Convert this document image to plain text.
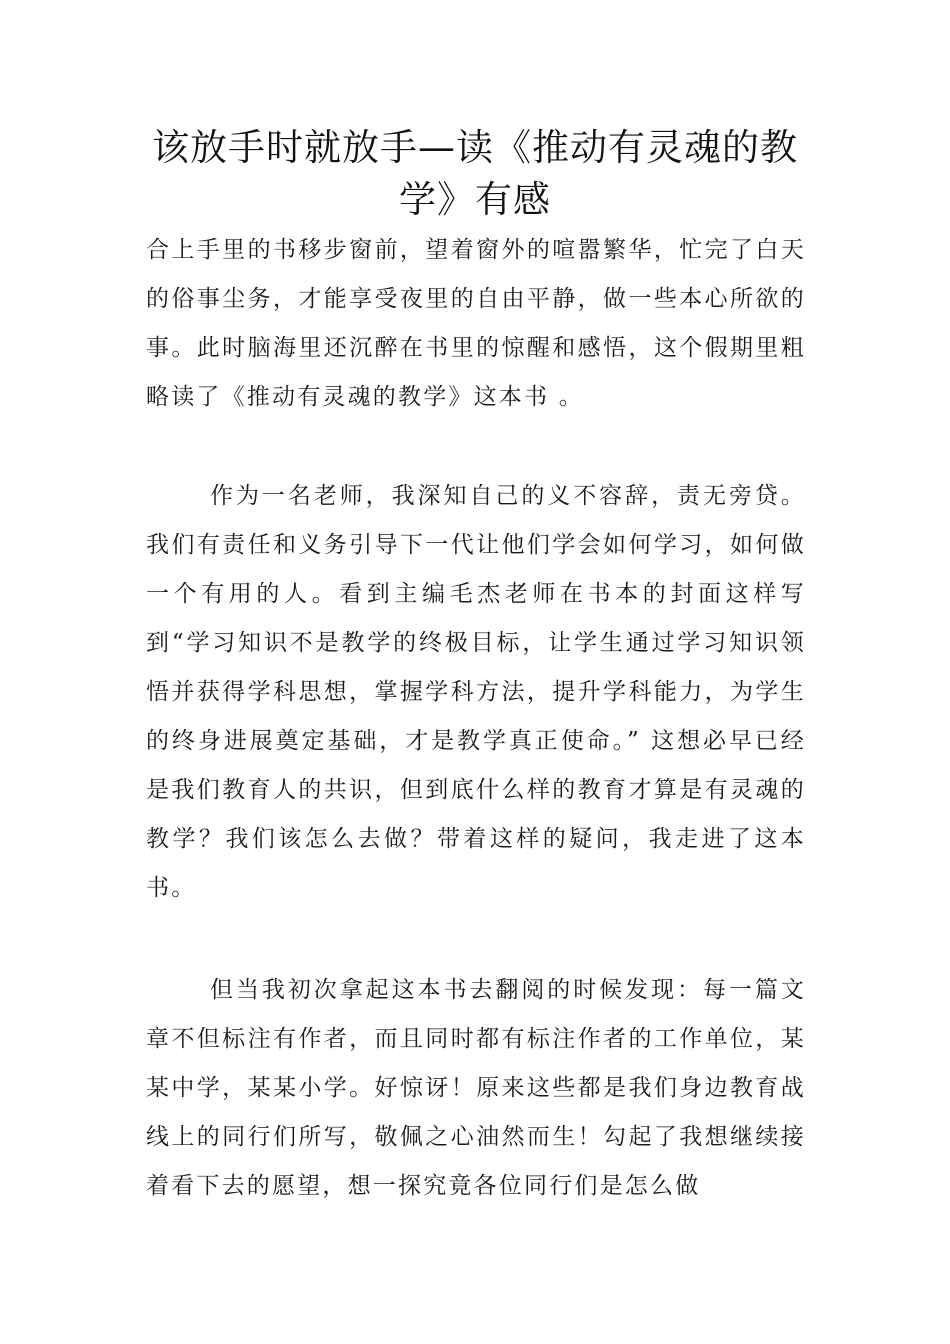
该放手时就放手—读《推动有灵魂的教学》有感

合上手里的书移步窗前，望着窗外的喧嚣繁华，忙完了白天的俗事尘务，才能享受夜里的自由平静，做一些本心所欲的事。此时脑海里还沉醉在书里的惊醒和感悟，这个假期里粗略读了《推动有灵魂的教学》这本书 。

作为一名老师，我深知自己的义不容辞，责无旁贷。我们有责任和义务引导下一代让他们学会如何学习，如何做一个有用的人。看到主编毛杰老师在书本的封面这样写到“学习知识不是教学的终极目标，让学生通过学习知识领悟并获得学科思想，掌握学科方法，提升学科能力，为学生的终身进展奠定基础，才是教学真正使命。” 这想必早已经是我们教育人的共识，但到底什么样的教育才算是有灵魂的教学？我们该怎么去做？带着这样的疑问，我走进了这本书。

但当我初次拿起这本书去翻阅的时候发现：每一篇文章不但标注有作者，而且同时都有标注作者的工作单位，某某中学，某某小学。好惊讶！原来这些都是我们身边教育战线上的同行们所写，敬佩之心油然而生！勾起了我想继续接着看下去的愿望，想一探究竟各位同行们是怎么做
